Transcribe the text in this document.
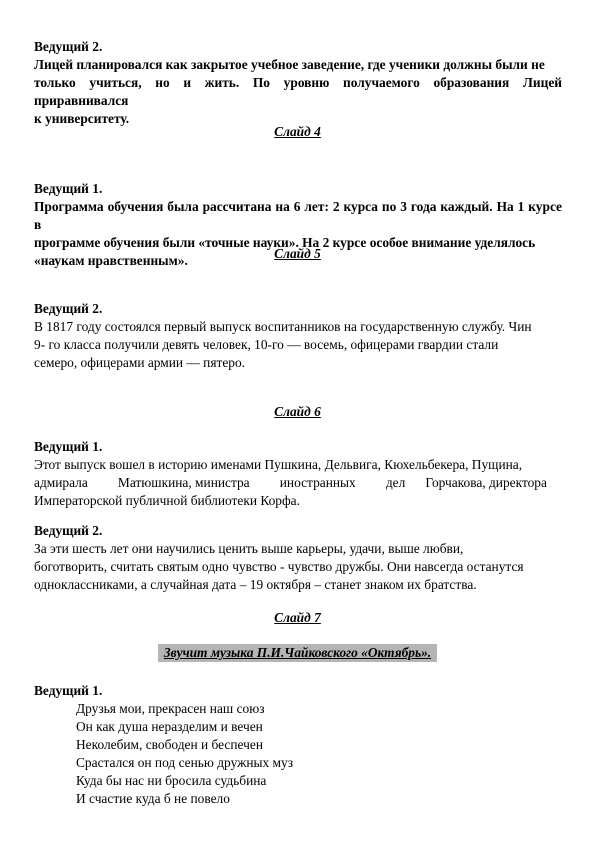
Ведущий 2.
Лицей планировался как закрытое учебное заведение, где ученики должны были не
только учиться, но и жить. По уровню получаемого образования Лицей приравнивался
к университету.
Слайд 4
Ведущий 1.
Программа обучения была рассчитана на 6 лет: 2 курса по 3 года каждый. На 1 курсе в
программе обучения были «точные науки». На 2 курсе особое внимание уделялось
«наукам нравственным».	Слайд 5
Ведущий 2.
В 1817 году состоялся первый выпуск воспитанников на государственную службу. Чин
9- го класса получили девять человек, 10-го — восемь, офицерами гвардии стали
семеро, офицерами армии — пятеро.
Слайд 6
Ведущий 1.
Этот выпуск вошел в историю именами Пушкина, Дельвига, Кюхельбекера, Пущина,
адмирала         Матюшкина, министра         иностранных         дел      Горчакова, директора
Императорской публичной библиотеки Корфа.
Ведущий 2.
За эти шесть лет они научились ценить выше карьеры, удачи, выше любви,
боготворить, считать святым одно чувство - чувство дружбы. Они навсегда останутся
одноклассниками, а случайная дата – 19 октября – станет знаком их братства.
Слайд 7
Звучит музыка П.И.Чайковского «Октябрь».
Ведущий 1.
Друзья мои, прекрасен наш союз
Он как душа неразделим и вечен
Неколебим, свободен и беспечен
Срастался он под сенью дружных муз
Куда бы нас ни бросила судьбина
И счастие куда б не повело
